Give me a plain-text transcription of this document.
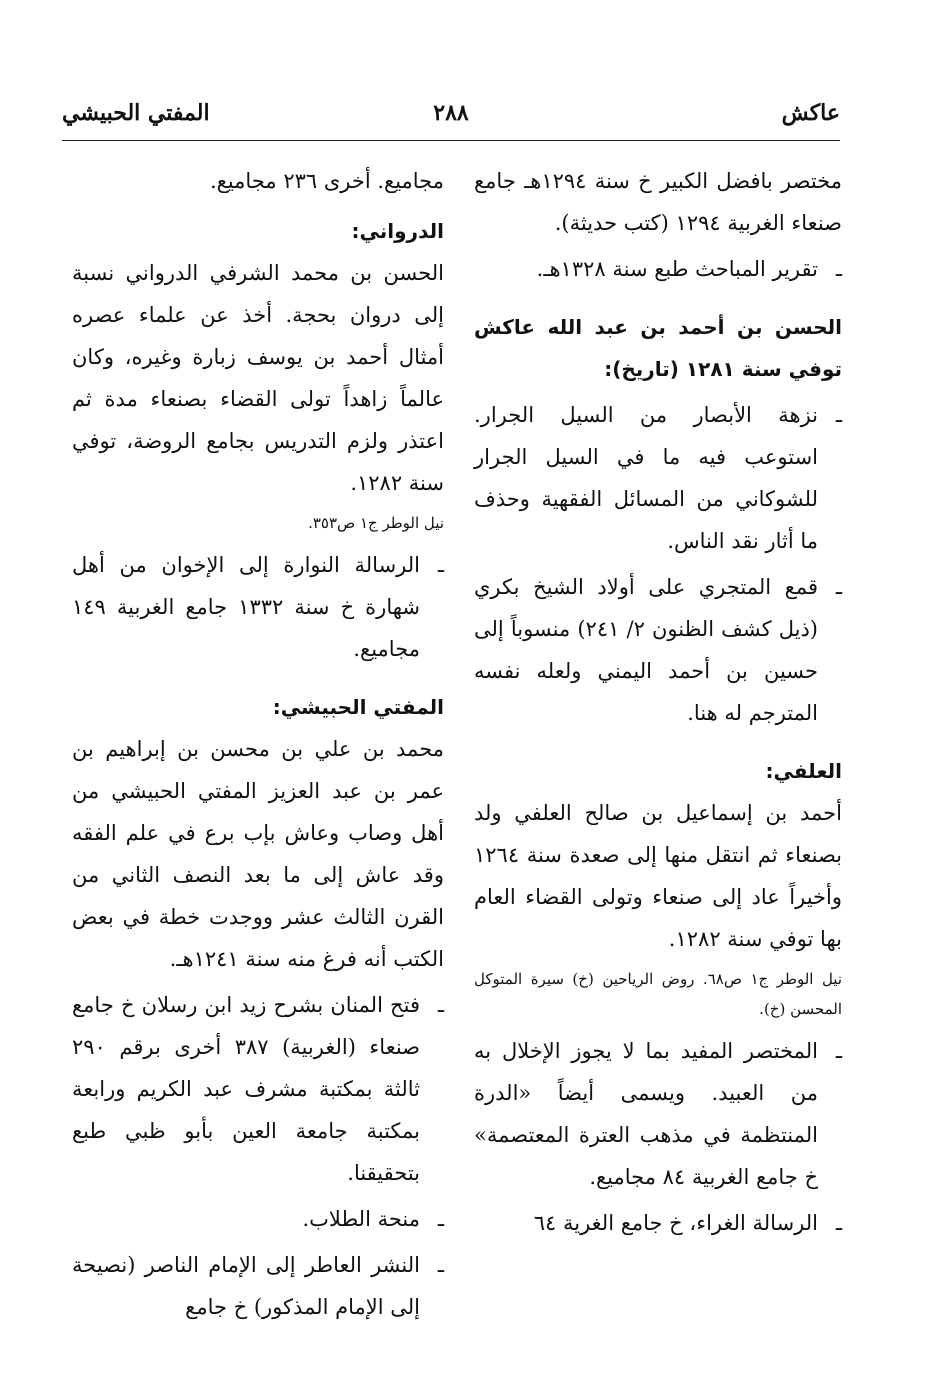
عاكش
٢٨٨
المفتي الحبيشي

مختصر بافضل الكبير خ سنة ١٢٩٤هـ جامع صنعاء الغربية ١٢٩٤ (كتب حديثة).

ـ
تقرير المباحث طبع سنة ١٣٢٨هـ.

الحسن بن أحمد بن عبد الله عاكش توفي سنة ١٢٨١ (تاريخ):

ـ
نزهة الأبصار من السيل الجرار. استوعب فيه ما في السيل الجرار للشوكاني من المسائل الفقهية وحذف ما أثار نقد الناس.

ـ
قمع المتجري على أولاد الشيخ بكري (ذيل كشف الظنون ٢/ ٢٤١) منسوباً إلى حسين بن أحمد اليمني ولعله نفسه المترجم له هنا.

العلفي:

أحمد بن إسماعيل بن صالح العلفي ولد بصنعاء ثم انتقل منها إلى صعدة سنة ١٢٦٤ وأخيراً عاد إلى صنعاء وتولى القضاء العام بها توفي سنة ١٢٨٢.

نيل الوطر ج١ ص٦٨. روض الرياحين (خ) سيرة المتوكل المحسن (خ).

ـ
المختصر المفيد بما لا يجوز الإخلال به من العبيد. ويسمى أيضاً «الدرة المنتظمة في مذهب العترة المعتصمة» خ جامع الغربية ٨٤ مجاميع.

ـ
الرسالة الغراء، خ جامع الغرية ٦٤

مجاميع. أخرى ٢٣٦ مجاميع.

الدرواني:

الحسن بن محمد الشرفي الدرواني نسبة إلى دروان بحجة. أخذ عن علماء عصره أمثال أحمد بن يوسف زبارة وغيره، وكان عالماً زاهداً تولى القضاء بصنعاء مدة ثم اعتذر ولزم التدريس بجامع الروضة، توفي سنة ١٢٨٢.

نيل الوطر ج١ ص٣٥٣.

ـ
الرسالة النوارة إلى الإخوان من أهل شهارة خ سنة ١٣٣٢ جامع الغربية ١٤٩ مجاميع.

المفتي الحبيشي:

محمد بن علي بن محسن بن إبراهيم بن عمر بن عبد العزيز المفتي الحبيشي من أهل وصاب وعاش بإب برع في علم الفقه وقد عاش إلى ما بعد النصف الثاني من القرن الثالث عشر ووجدت خطة في بعض الكتب أنه فرغ منه سنة ١٢٤١هـ.

ـ
فتح المنان بشرح زيد ابن رسلان خ جامع صنعاء (الغربية) ٣٨٧ أخرى برقم ٢٩٠ ثالثة بمكتبة مشرف عبد الكريم ورابعة بمكتبة جامعة العين بأبو ظبي طبع بتحقيقنا.

ـ
منحة الطلاب.

ـ
النشر العاطر إلى الإمام الناصر (نصيحة إلى الإمام المذكور) خ جامع
